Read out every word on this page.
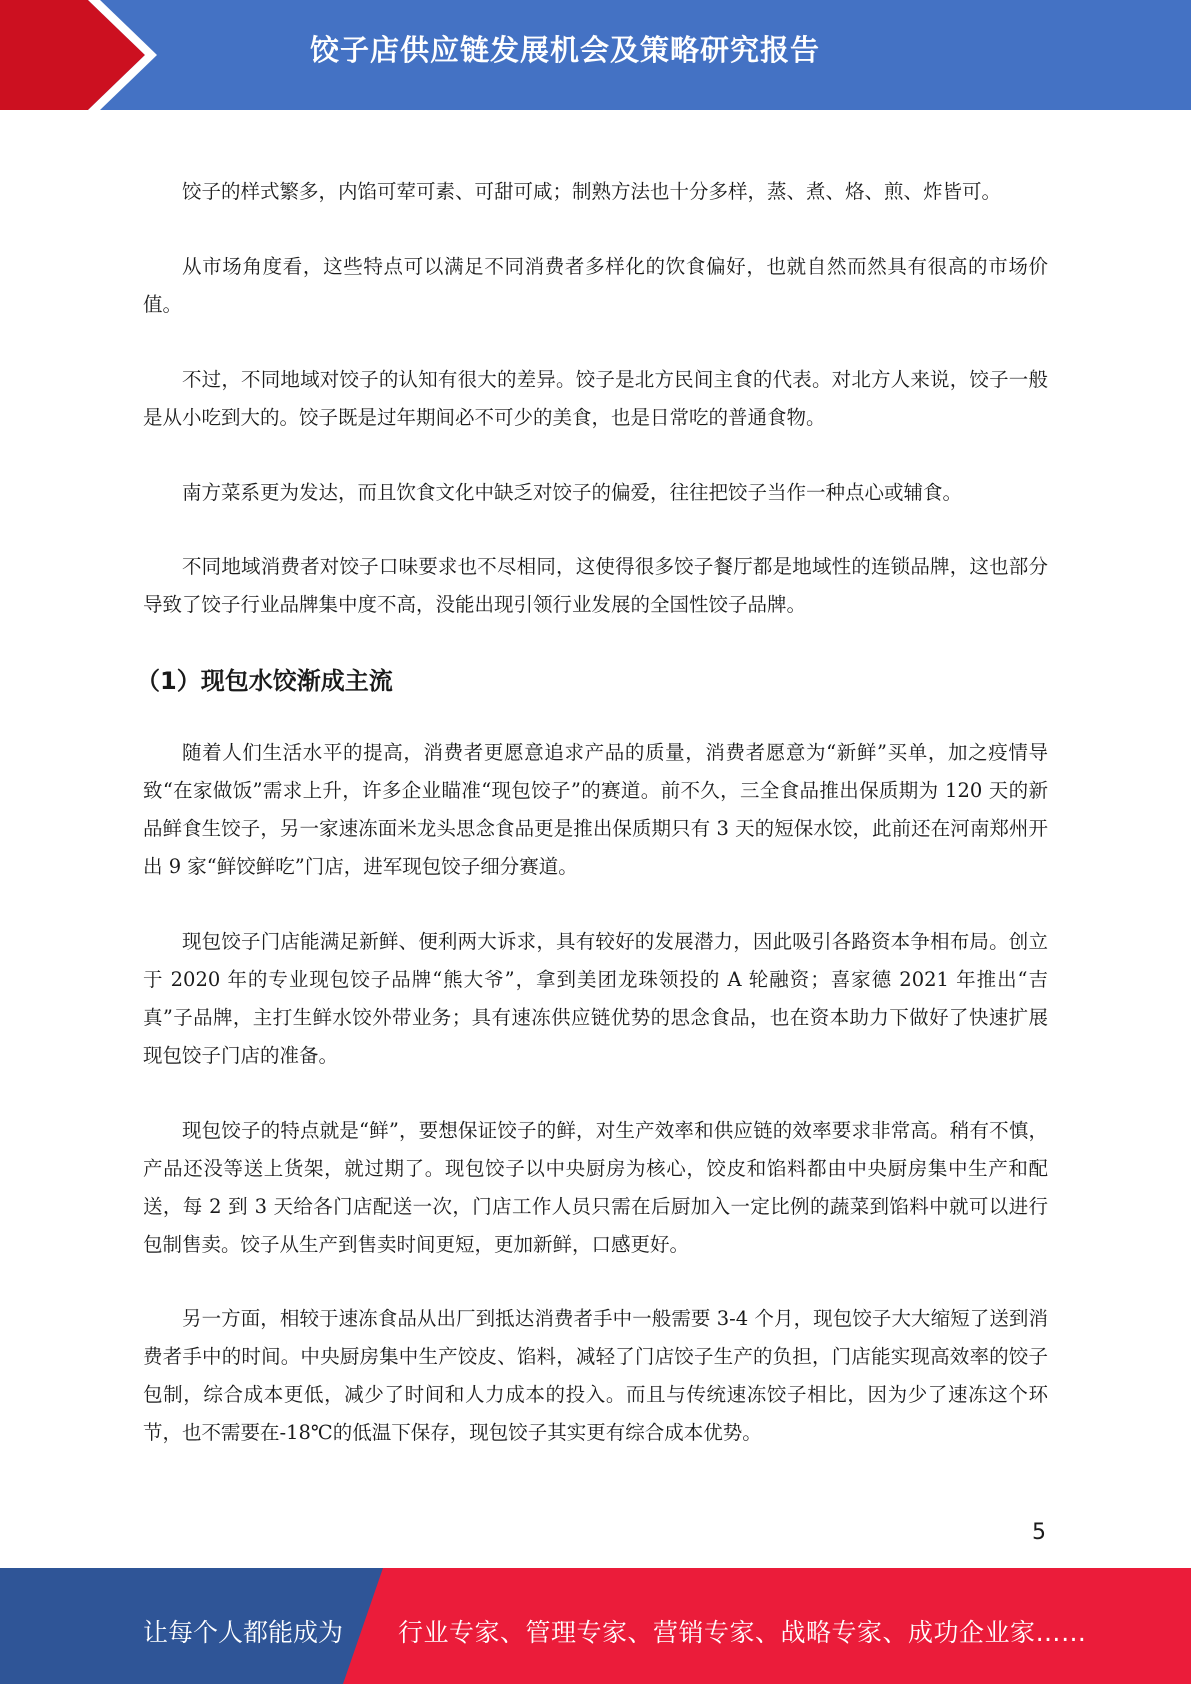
饺子店供应链发展机会及策略研究报告

饺子的样式繁多，内馅可荤可素、可甜可咸；制熟方法也十分多样，蒸、煮、烙、煎、炸皆可。

从市场角度看，这些特点可以满足不同消费者多样化的饮食偏好，也就自然而然具有很高的市场价值。

不过，不同地域对饺子的认知有很大的差异。饺子是北方民间主食的代表。对北方人来说，饺子一般是从小吃到大的。饺子既是过年期间必不可少的美食，也是日常吃的普通食物。

南方菜系更为发达，而且饮食文化中缺乏对饺子的偏爱，往往把饺子当作一种点心或辅食。

不同地域消费者对饺子口味要求也不尽相同，这使得很多饺子餐厅都是地域性的连锁品牌，这也部分导致了饺子行业品牌集中度不高，没能出现引领行业发展的全国性饺子品牌。

（1）现包水饺渐成主流

随着人们生活水平的提高，消费者更愿意追求产品的质量，消费者愿意为“新鲜”买单，加之疫情导致“在家做饭”需求上升，许多企业瞄准“现包饺子”的赛道。前不久，三全食品推出保质期为 120 天的新品鲜食生饺子，另一家速冻面米龙头思念食品更是推出保质期只有 3 天的短保水饺，此前还在河南郑州开出 9 家“鲜饺鲜吃”门店，进军现包饺子细分赛道。

现包饺子门店能满足新鲜、便利两大诉求，具有较好的发展潜力，因此吸引各路资本争相布局。创立于 2020 年的专业现包饺子品牌“熊大爷”，拿到美团龙珠领投的 A 轮融资；喜家德 2021 年推出“吉真”子品牌，主打生鲜水饺外带业务；具有速冻供应链优势的思念食品，也在资本助力下做好了快速扩展现包饺子门店的准备。

现包饺子的特点就是“鲜”，要想保证饺子的鲜，对生产效率和供应链的效率要求非常高。稍有不慎，产品还没等送上货架，就过期了。现包饺子以中央厨房为核心，饺皮和馅料都由中央厨房集中生产和配送，每 2 到 3 天给各门店配送一次，门店工作人员只需在后厨加入一定比例的蔬菜到馅料中就可以进行包制售卖。饺子从生产到售卖时间更短，更加新鲜，口感更好。

另一方面，相较于速冻食品从出厂到抵达消费者手中一般需要 3-4 个月，现包饺子大大缩短了送到消费者手中的时间。中央厨房集中生产饺皮、馅料，减轻了门店饺子生产的负担，门店能实现高效率的饺子包制，综合成本更低，减少了时间和人力成本的投入。而且与传统速冻饺子相比，因为少了速冻这个环节，也不需要在-18℃的低温下保存，现包饺子其实更有综合成本优势。

5
让每个人都能成为 行业专家、管理专家、营销专家、战略专家、成功企业家……
